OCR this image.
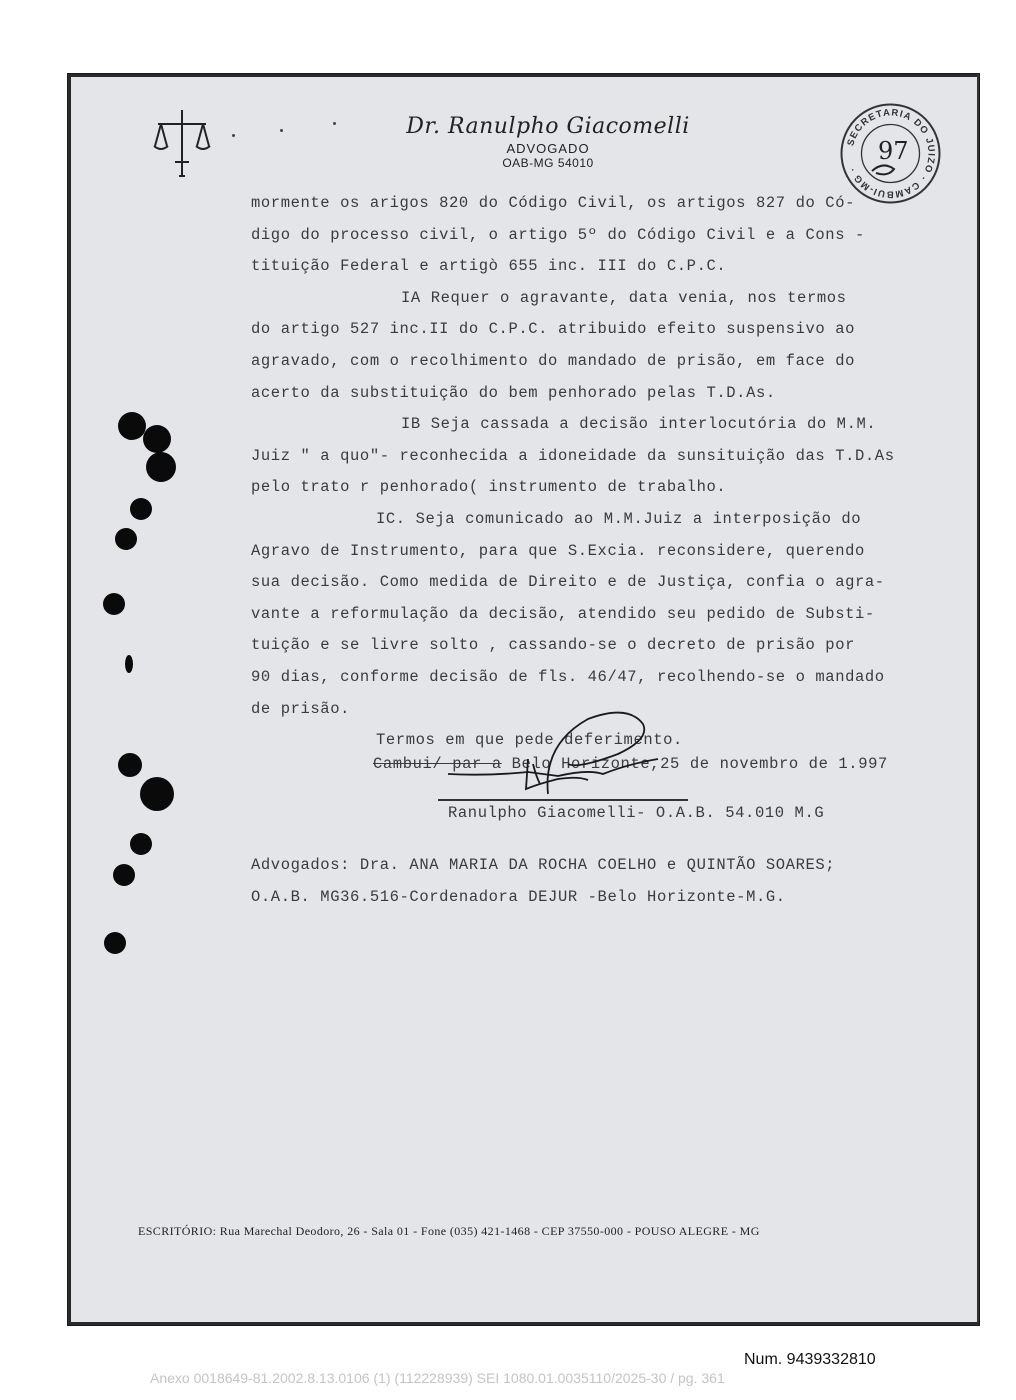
Dr. Ranulpho Giacomelli
ADVOGADO
OAB-MG 54010
SECRETARIA DO JUIZO · CAMBUI-MG ·
97
mormente os arigos 820 do Código Civil, os artigos 827 do Có-
digo do processo civil, o artigo 5º do Código Civil e a Cons -
tituição Federal e artigò 655 inc. III do C.P.C.
IA Requer o agravante, data venia, nos termos
do artigo 527 inc.II do C.P.C. atribuido efeito suspensivo ao
agravado, com o recolhimento do mandado de prisão, em face do
acerto da substituição do bem penhorado pelas T.D.As.
IB Seja cassada a decisão interlocutória do M.M.
Juiz " a quo"- reconhecida a idoneidade da sunsituição das T.D.As
pelo trato r penhorado( instrumento de trabalho.
IC. Seja comunicado ao M.M.Juiz a interposição do
Agravo de Instrumento, para que S.Excia. reconsidere, querendo
sua decisão. Como medida de Direito e de Justiça, confia o agra-
vante a reformulação da decisão, atendido seu pedido de Substi-
tuição e se livre solto , cassando-se o decreto de prisão por
90 dias, conforme decisão de fls. 46/47, recolhendo-se o mandado
de prisão.
Termos em que pede deferimento.
Cambui/ par a Belo Horizonte,25 de novembro de 1.997
Ranulpho Giacomelli- O.A.B. 54.010 M.G
Advogados: Dra. ANA MARIA DA ROCHA COELHO e QUINTÃO SOARES;
O.A.B. MG36.516-Cordenadora DEJUR -Belo Horizonte-M.G.
ESCRITÓRIO: Rua Marechal Deodoro, 26 - Sala 01 - Fone (035) 421-1468 - CEP 37550-000 - POUSO ALEGRE - MG
Num. 9439332810
Anexo 0018649-81.2002.8.13.0106 (1) (112228939) SEI 1080.01.0035110/2025-30 / pg. 361
